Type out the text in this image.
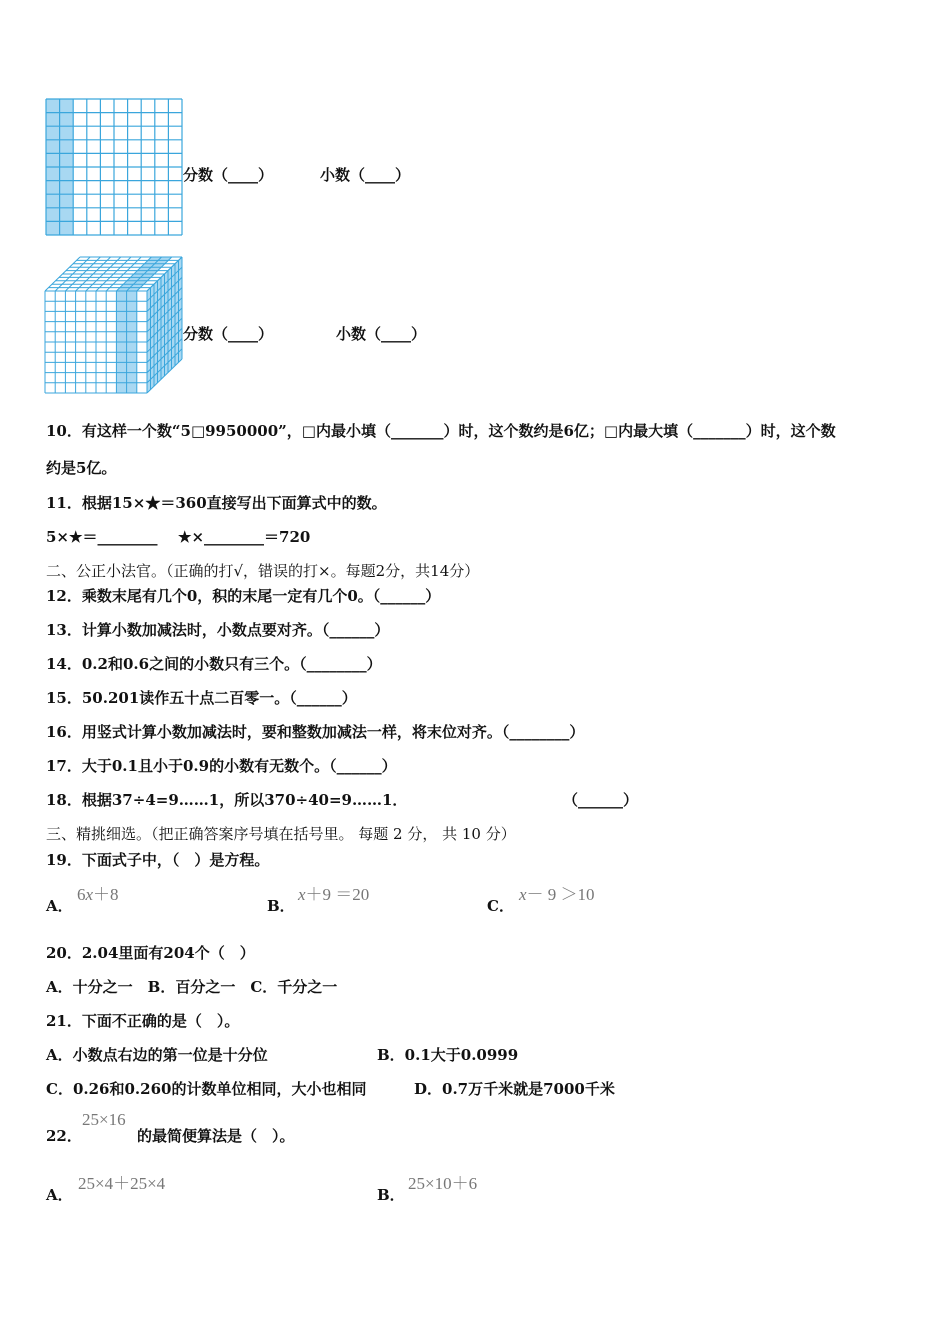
分数（____）	小数（____）
分数（____）	小数（____）
10．有这样一个数“5□9950000”，□内最小填（_______）时，这个数约是6亿；□内最大填（_______）时，这个数
约是5亿。
11．根据15×★＝360直接写出下面算式中的数。
5×★＝________ ★×________＝720
二、公正小法官。（正确的打√，错误的打×。每题2分，共14分）
12．乘数末尾有几个0，积的末尾一定有几个0。（______）
13．计算小数加减法时，小数点要对齐。（______）
14．0.2和0.6之间的小数只有三个。（________）
15．50.201读作五十点二百零一。（______）
16．用竖式计算小数加减法时，要和整数加减法一样，将末位对齐。（________）
17．大于0.1且小于0.9的小数有无数个。（______）
18．根据37÷4=9……1，所以370÷40=9……1．	（______）
三、精挑细选。（把正确答案序号填在括号里。 每题 2 分， 共 10 分）
19．下面式子中，（　）是方程。
A．
6x＋8
B．
x＋9 ＝20
C．
x－ 9 ＞10
20．2.04里面有204个（　）
A．十分之一　B．百分之一　C．千分之一
21．下面不正确的是（　）。
A．小数点右边的第一位是十分位	B．0.1大于0.0999
C．0.26和0.260的计数单位相同，大小也相同	D．0.7万千米就是7000千米
22．
25×16
的最简便算法是（　）。
A．
25×4＋25×4
B．
25×10＋6
